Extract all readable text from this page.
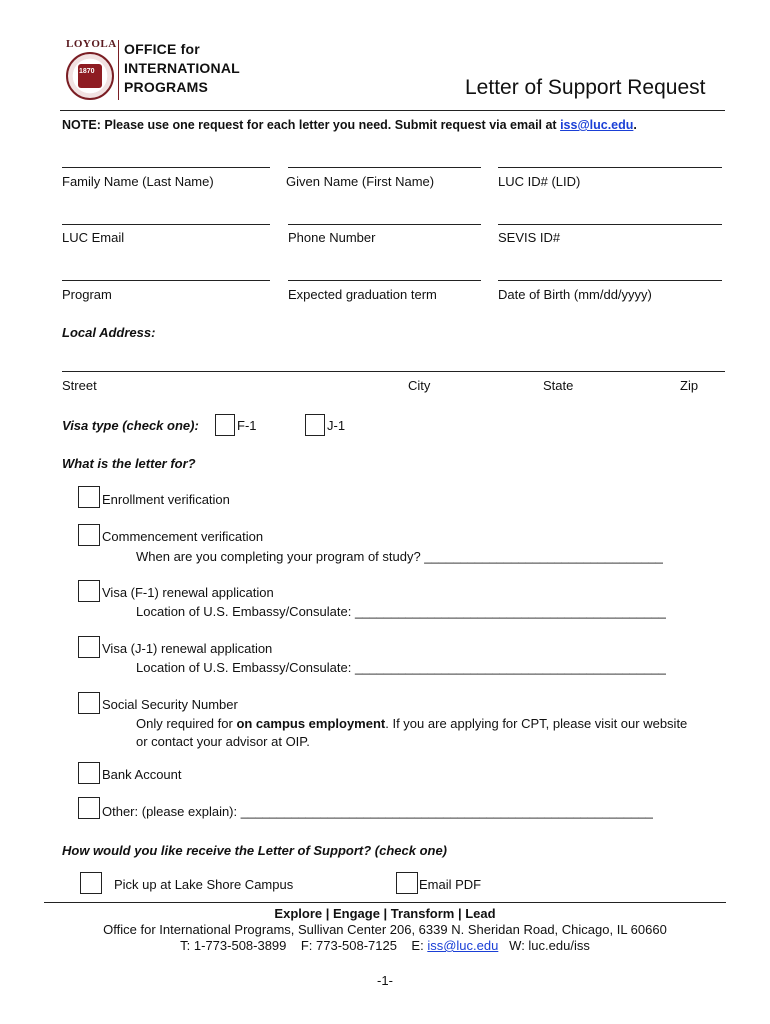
LOYOLA
1870
OFFICE for
INTERNATIONAL
PROGRAMS	Letter of Support Request
NOTE: Please use one request for each letter you need. Submit request via email at iss@luc.edu.
Family Name (Last Name)	Given Name (First Name)	LUC ID# (LID)
LUC Email	Phone Number	SEVIS ID#
Program	Expected graduation term	Date of Birth (mm/dd/yyyy)
Local Address:
Street	City	State	Zip
Visa type (check one):	F-1	J-1
What is the letter for?
Enrollment verification
Commencement verification
When are you completing your program of study? _________________________________
Visa (F-1) renewal application
Location of U.S. Embassy/Consulate: ___________________________________________
Visa (J-1) renewal application
Location of U.S. Embassy/Consulate: ___________________________________________
Social Security Number
Only required for on campus employment. If you are applying for CPT, please visit our website
or contact your advisor at OIP.
Bank Account
Other: (please explain): _________________________________________________________
How would you like receive the Letter of Support? (check one)
Pick up at Lake Shore Campus	Email PDF
Explore | Engage | Transform | Lead
Office for International Programs, Sullivan Center 206, 6339 N. Sheridan Road, Chicago, IL 60660
T: 1-773-508-3899    F: 773-508-7125    E: iss@luc.edu   W: luc.edu/iss
-1-
